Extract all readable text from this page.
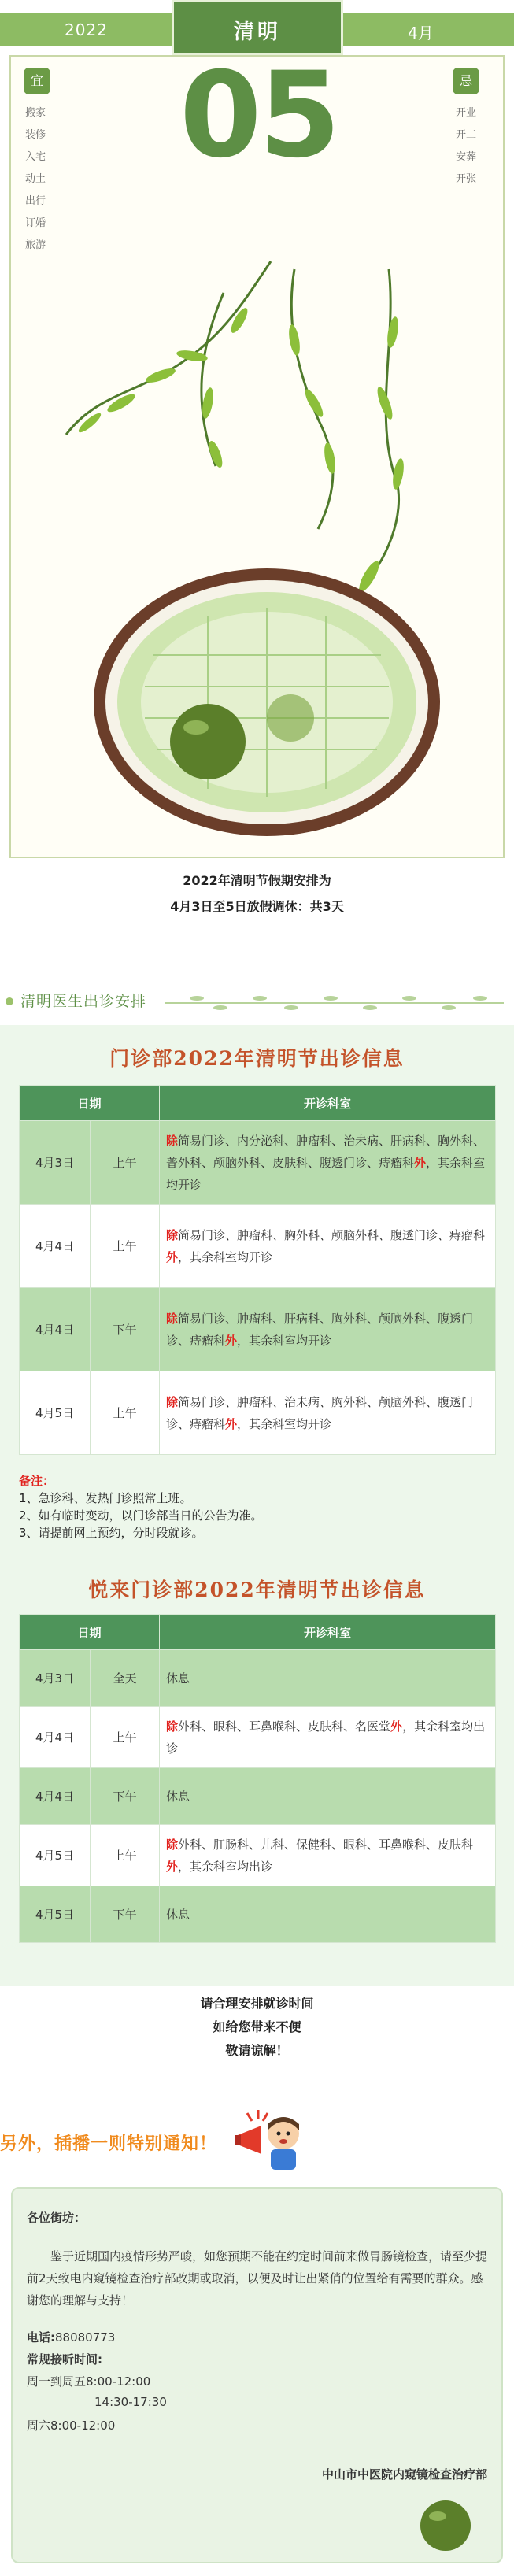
2022	清明	4月
宜
搬家
装修
入宅
动土
出行
订婚
旅游
忌
开业
开工
安葬
开张
05
2022年清明节假期安排为
4月3日至5日放假调休：共3天
清明医生出诊安排
门诊部2022年清明节出诊信息
日期		开诊科室
4月3日	上午	除简易门诊、内分泌科、肿瘤科、治未病、肝病科、胸外科、普外科、颅脑外科、皮肤科、腹透门诊、痔瘤科外，其余科室均开诊
4月4日	上午	除简易门诊、肿瘤科、胸外科、颅脑外科、腹透门诊、痔瘤科外，其余科室均开诊
4月4日	下午	除简易门诊、肿瘤科、肝病科、胸外科、颅脑外科、腹透门诊、痔瘤科外，其余科室均开诊
4月5日	上午	除简易门诊、肿瘤科、治未病、胸外科、颅脑外科、腹透门诊、痔瘤科外，其余科室均开诊
备注：
1、急诊科、发热门诊照常上班。
2、如有临时变动，以门诊部当日的公告为准。
3、请提前网上预约，分时段就诊。
悦来门诊部2022年清明节出诊信息
日期		开诊科室
4月3日	全天	休息
4月4日	上午	除外科、眼科、耳鼻喉科、皮肤科、名医堂外，其余科室均出诊
4月4日	下午	休息
4月5日	上午	除外科、肛肠科、儿科、保健科、眼科、耳鼻喉科、皮肤科外，其余科室均出诊
4月5日	下午	休息
请合理安排就诊时间
如给您带来不便
敬请谅解！
另外，插播一则特别通知！
各位街坊：
鉴于近期国内疫情形势严峻，如您预期不能在约定时间前来做胃肠镜检查，请至少提前2天致电内窥镜检查治疗部改期或取消，以便及时让出紧俏的位置给有需要的群众。感谢您的理解与支持！
电话:88080773
常规接听时间:
周一到周五8:00-12:00
14:30-17:30
周六8:00-12:00
中山市中医院内窥镜检查治疗部
